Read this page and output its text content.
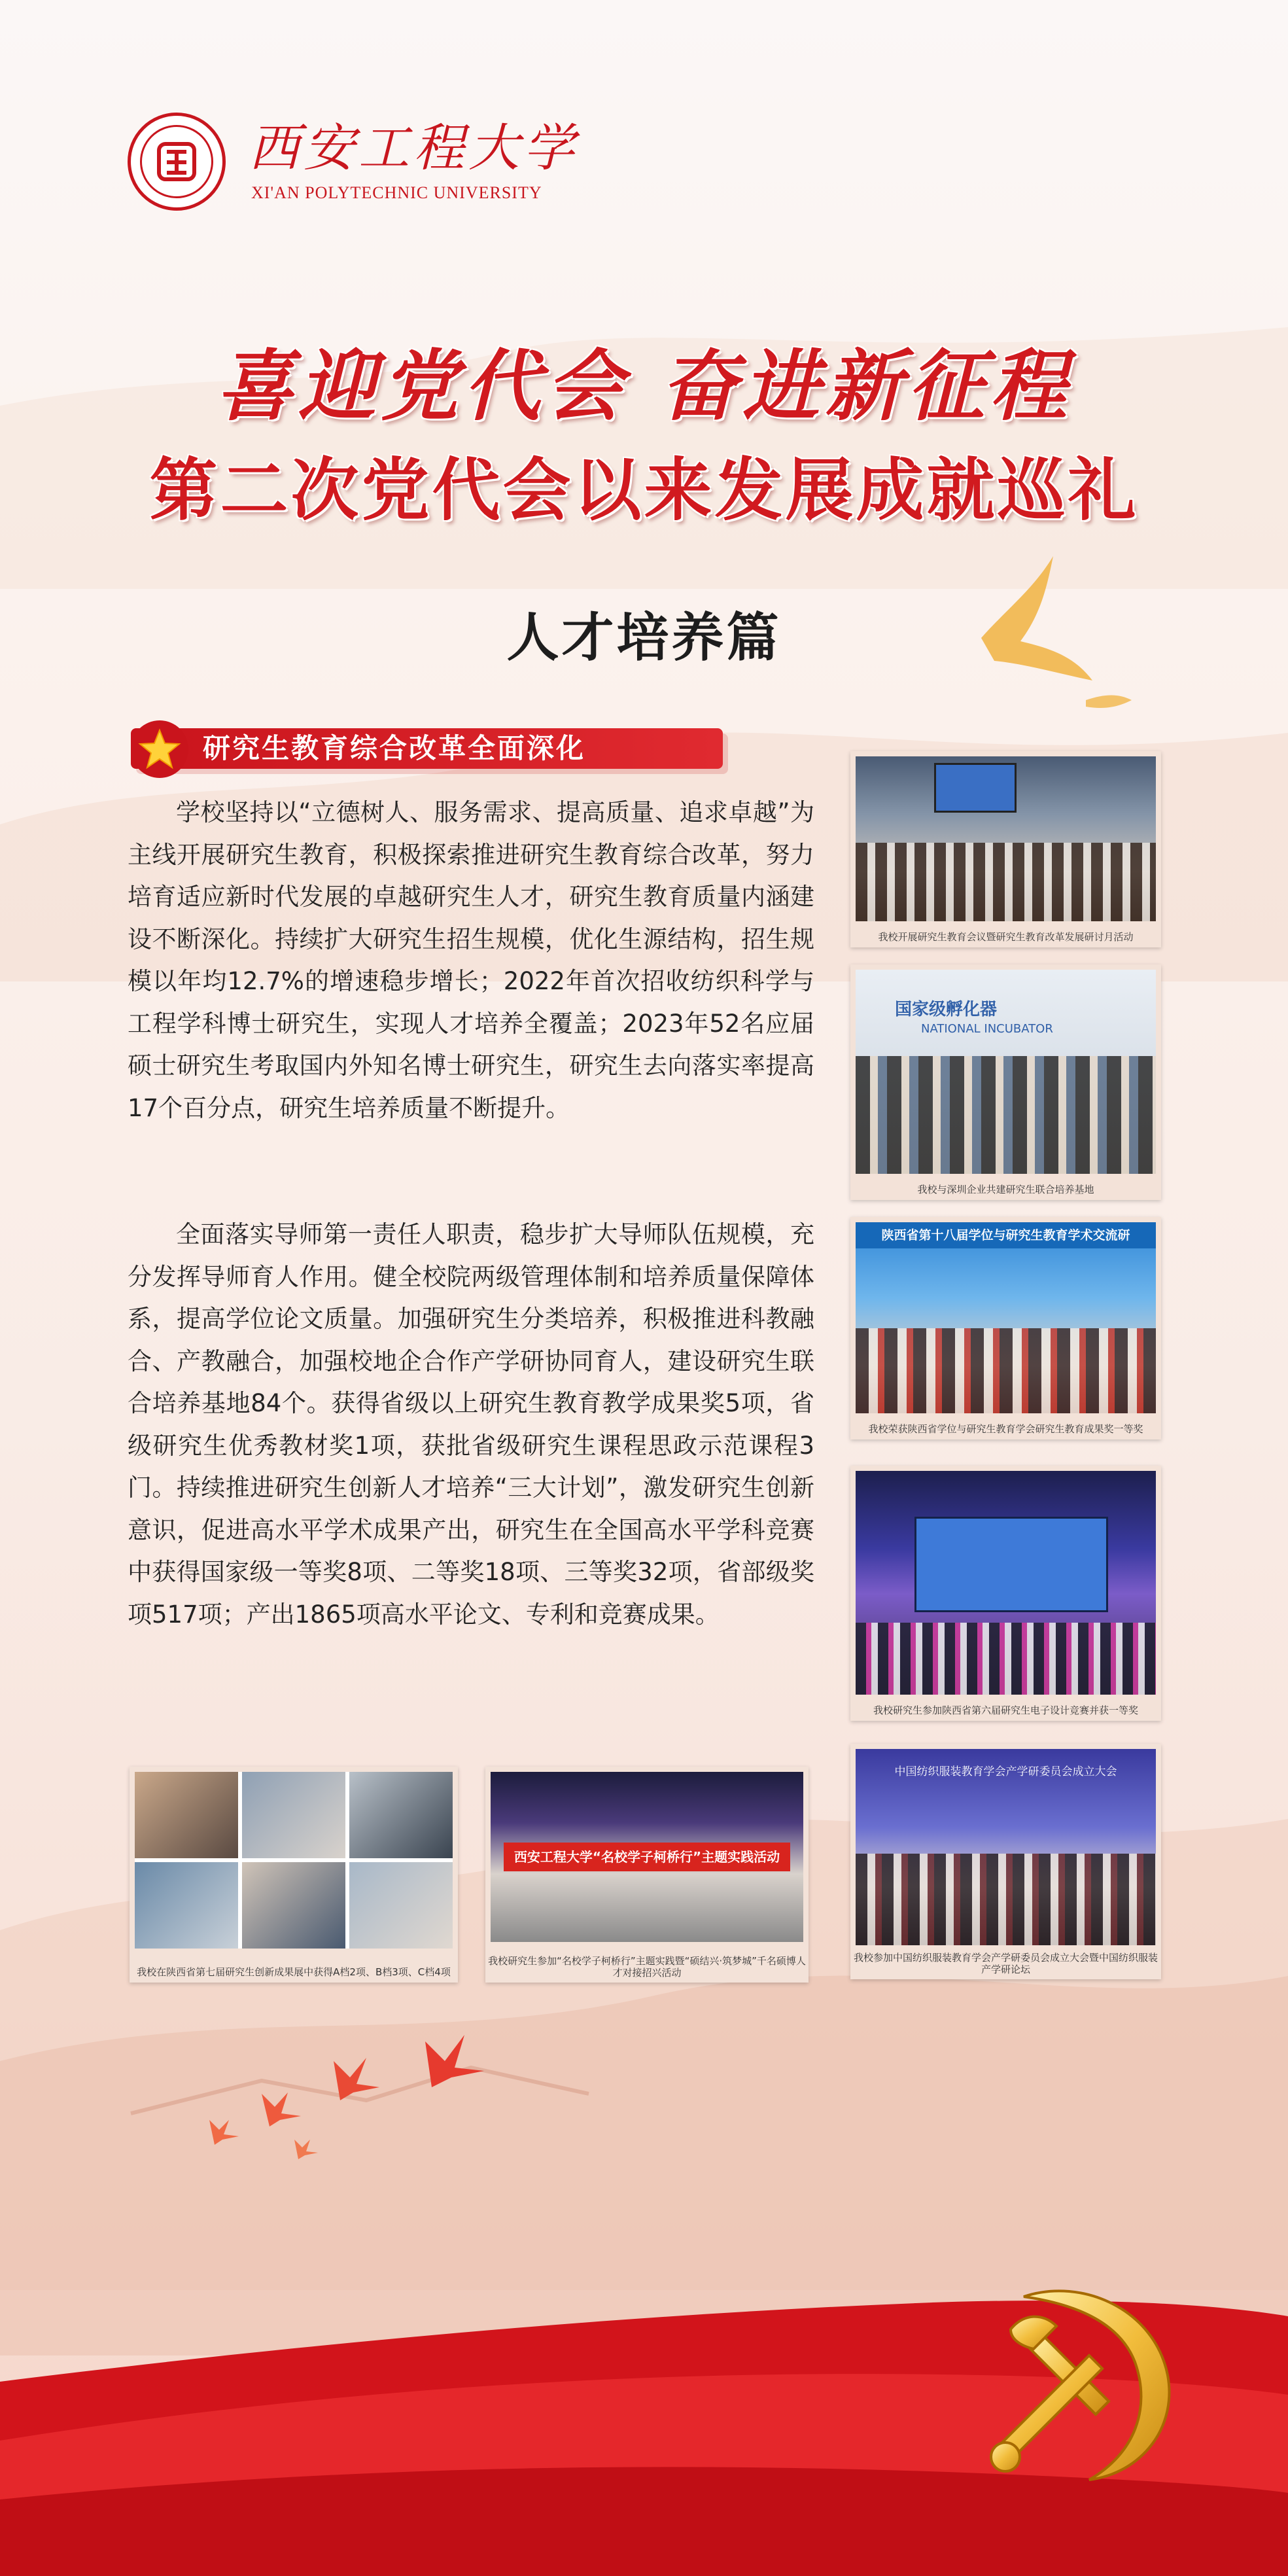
西安工程大学
XI'AN POLYTECHNIC UNIVERSITY
喜迎党代会 奋进新征程
第二次党代会以来发展成就巡礼
人才培养篇
研究生教育综合改革全面深化
学校坚持以“立德树人、服务需求、提高质量、追求卓越”为主线开展研究生教育，积极探索推进研究生教育综合改革，努力培育适应新时代发展的卓越研究生人才，研究生教育质量内涵建设不断深化。持续扩大研究生招生规模，优化生源结构，招生规模以年均12.7%的增速稳步增长；2022年首次招收纺织科学与工程学科博士研究生，实现人才培养全覆盖；2023年52名应届硕士研究生考取国内外知名博士研究生，研究生去向落实率提高17个百分点，研究生培养质量不断提升。
全面落实导师第一责任人职责，稳步扩大导师队伍规模，充分发挥导师育人作用。健全校院两级管理体制和培养质量保障体系，提高学位论文质量。加强研究生分类培养，积极推进科教融合、产教融合，加强校地企合作产学研协同育人，建设研究生联合培养基地84个。获得省级以上研究生教育教学成果奖5项，省级研究生优秀教材奖1项，获批省级研究生课程思政示范课程3门。持续推进研究生创新人才培养“三大计划”，激发研究生创新意识，促进高水平学术成果产出，研究生在全国高水平学科竞赛中获得国家级一等奖8项、二等奖18项、三等奖32项，省部级奖项517项；产出1865项高水平论文、专利和竞赛成果。
我校开展研究生教育会议暨研究生教育改革发展研讨月活动
国家级孵化器
NATIONAL INCUBATOR
我校与深圳企业共建研究生联合培养基地
陕西省第十八届学位与研究生教育学术交流研
我校荣获陕西省学位与研究生教育学会研究生教育成果奖一等奖
我校研究生参加陕西省第六届研究生电子设计竞赛并获一等奖
中国纺织服装教育学会产学研委员会成立大会
我校参加中国纺织服装教育学会产学研委员会成立大会暨中国纺织服装产学研论坛
我校在陕西省第七届研究生创新成果展中获得A档2项、B档3项、C档4项
西安工程大学“名校学子柯桥行”主题实践活动
我校研究生参加“名校学子柯桥行”主题实践暨“硕结兴·筑梦城”千名硕博人才对接招兴活动
